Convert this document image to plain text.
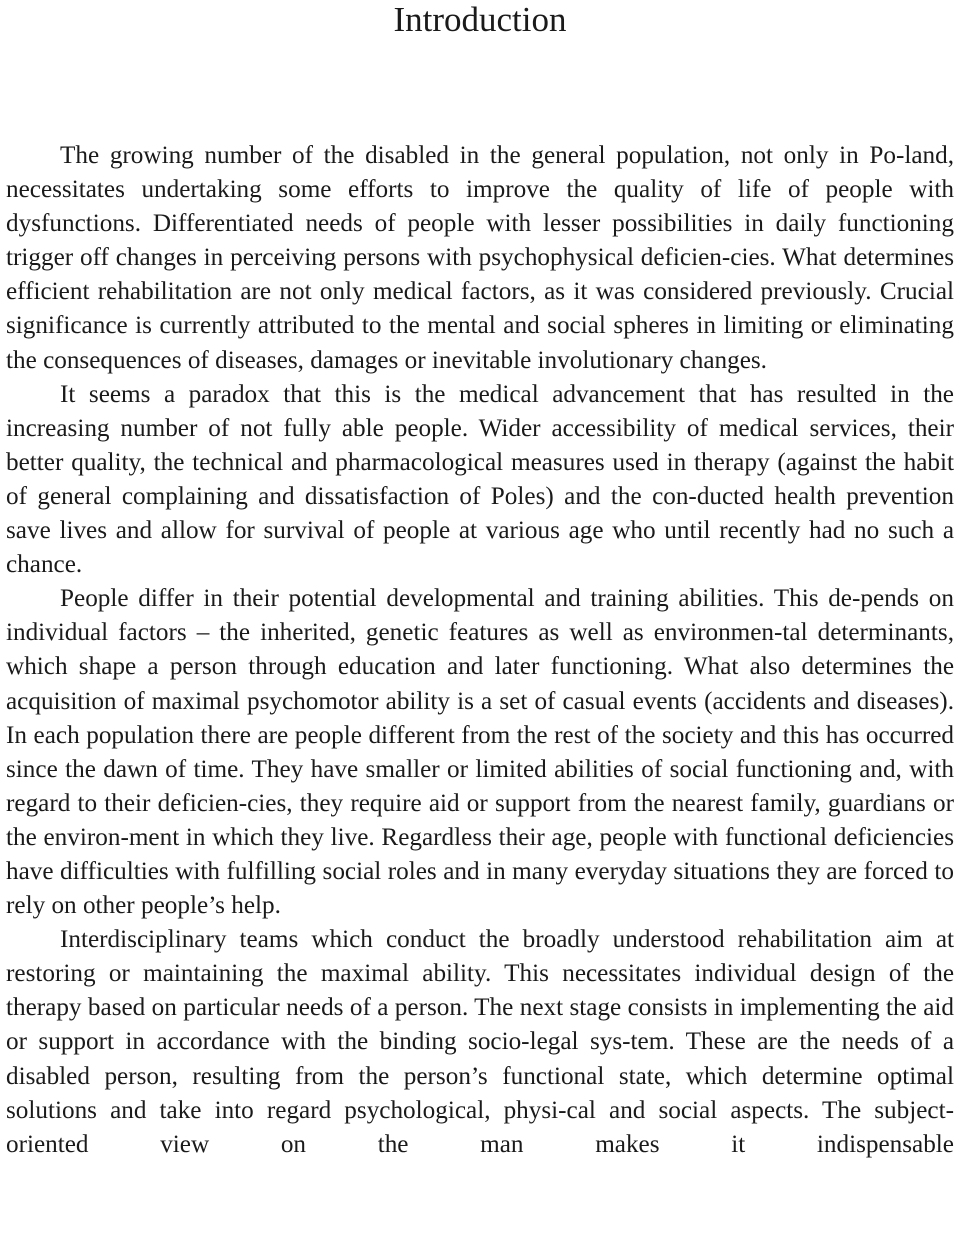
Introduction

The growing number of the disabled in the general population, not only in Po-land, necessitates undertaking some efforts to improve the quality of life of people with dysfunctions. Differentiated needs of people with lesser possibilities in daily functioning trigger off changes in perceiving persons with psychophysical deficien-cies. What determines efficient rehabilitation are not only medical factors, as it was considered previously. Crucial significance is currently attributed to the mental and social spheres in limiting or eliminating the consequences of diseases, damages or inevitable involutionary changes.

It seems a paradox that this is the medical advancement that has resulted in the increasing number of not fully able people. Wider accessibility of medical services, their better quality, the technical and pharmacological measures used in therapy (against the habit of general complaining and dissatisfaction of Poles) and the con-ducted health prevention save lives and allow for survival of people at various age who until recently had no such a chance.

People differ in their potential developmental and training abilities. This de-pends on individual factors – the inherited, genetic features as well as environmen-tal determinants, which shape a person through education and later functioning. What also determines the acquisition of maximal psychomotor ability is a set of casual events (accidents and diseases). In each population there are people different from the rest of the society and this has occurred since the dawn of time. They have smaller or limited abilities of social functioning and, with regard to their deficien-cies, they require aid or support from the nearest family, guardians or the environ-ment in which they live. Regardless their age, people with functional deficiencies have difficulties with fulfilling social roles and in many everyday situations they are forced to rely on other people’s help.

Interdisciplinary teams which conduct the broadly understood rehabilitation aim at restoring or maintaining the maximal ability. This necessitates individual design of the therapy based on particular needs of a person. The next stage consists in implementing the aid or support in accordance with the binding socio-legal sys-tem. These are the needs of a disabled person, resulting from the person’s functional state, which determine optimal solutions and take into regard psychological, physi-cal and social aspects. The subject-oriented view on the man makes it indispensable
